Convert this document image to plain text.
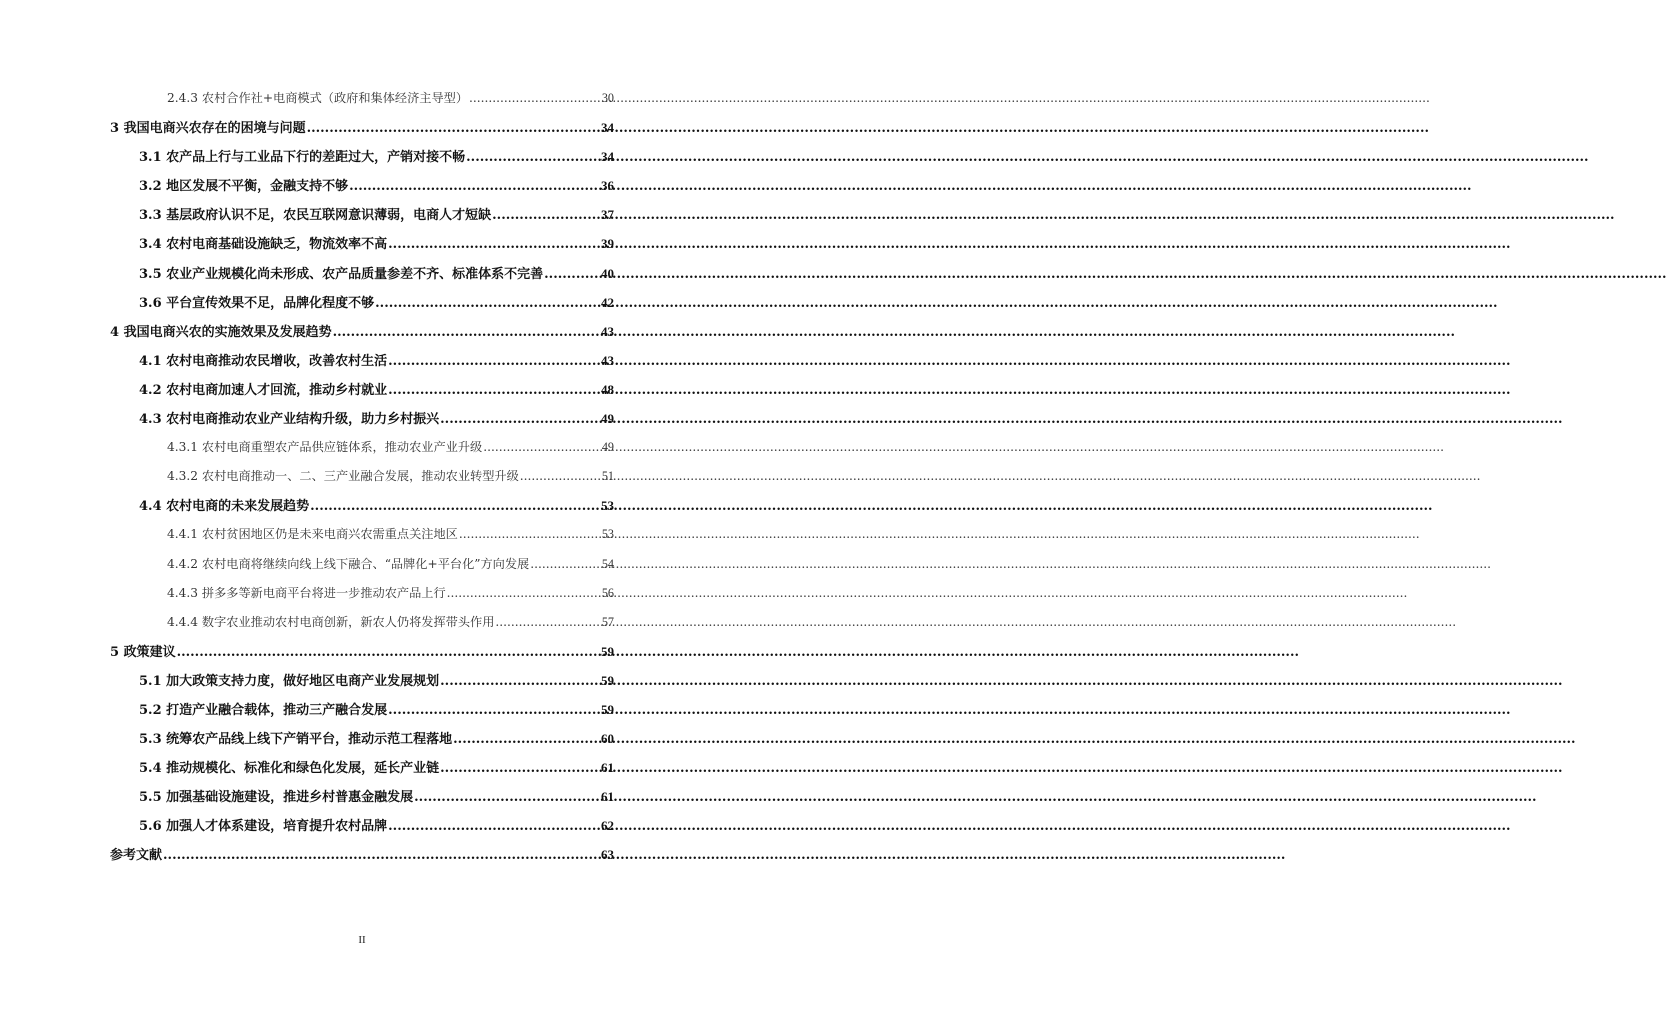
2.4.3 农村合作社+电商模式（政府和集体经济主导型） .....	30
3 我国电商兴农存在的困境与问题 .....	34
3.1 农产品上行与工业品下行的差距过大，产销对接不畅 .....	34
3.2 地区发展不平衡，金融支持不够 .....	36
3.3 基层政府认识不足，农民互联网意识薄弱，电商人才短缺 .....	37
3.4 农村电商基础设施缺乏，物流效率不高 .....	39
3.5 农业产业规模化尚未形成、农产品质量参差不齐、标准体系不完善 .....	40
3.6 平台宣传效果不足，品牌化程度不够 .....	42
4 我国电商兴农的实施效果及发展趋势 .....	43
4.1 农村电商推动农民增收，改善农村生活 .....	43
4.2 农村电商加速人才回流，推动乡村就业 .....	48
4.3 农村电商推动农业产业结构升级，助力乡村振兴 .....	49
4.3.1 农村电商重塑农产品供应链体系，推动农业产业升级 .....	49
4.3.2 农村电商推动一、二、三产业融合发展，推动农业转型升级 .....	51
4.4 农村电商的未来发展趋势 .....	53
4.4.1 农村贫困地区仍是未来电商兴农需重点关注地区 .....	53
4.4.2 农村电商将继续向线上线下融合、“品牌化+平台化”方向发展 .....	54
4.4.3 拼多多等新电商平台将进一步推动农产品上行 .....	56
4.4.4 数字农业推动农村电商创新，新农人仍将发挥带头作用 .....	57
5 政策建议 .....	59
5.1 加大政策支持力度，做好地区电商产业发展规划 .....	59
5.2 打造产业融合载体，推动三产融合发展 .....	59
5.3 统筹农产品线上线下产销平台，推动示范工程落地 .....	60
5.4 推动规模化、标准化和绿色化发展，延长产业链 .....	61
5.5 加强基础设施建设，推进乡村普惠金融发展 .....	61
5.6 加强人才体系建设，培育提升农村品牌 .....	62
参考文献 .....	63
II
